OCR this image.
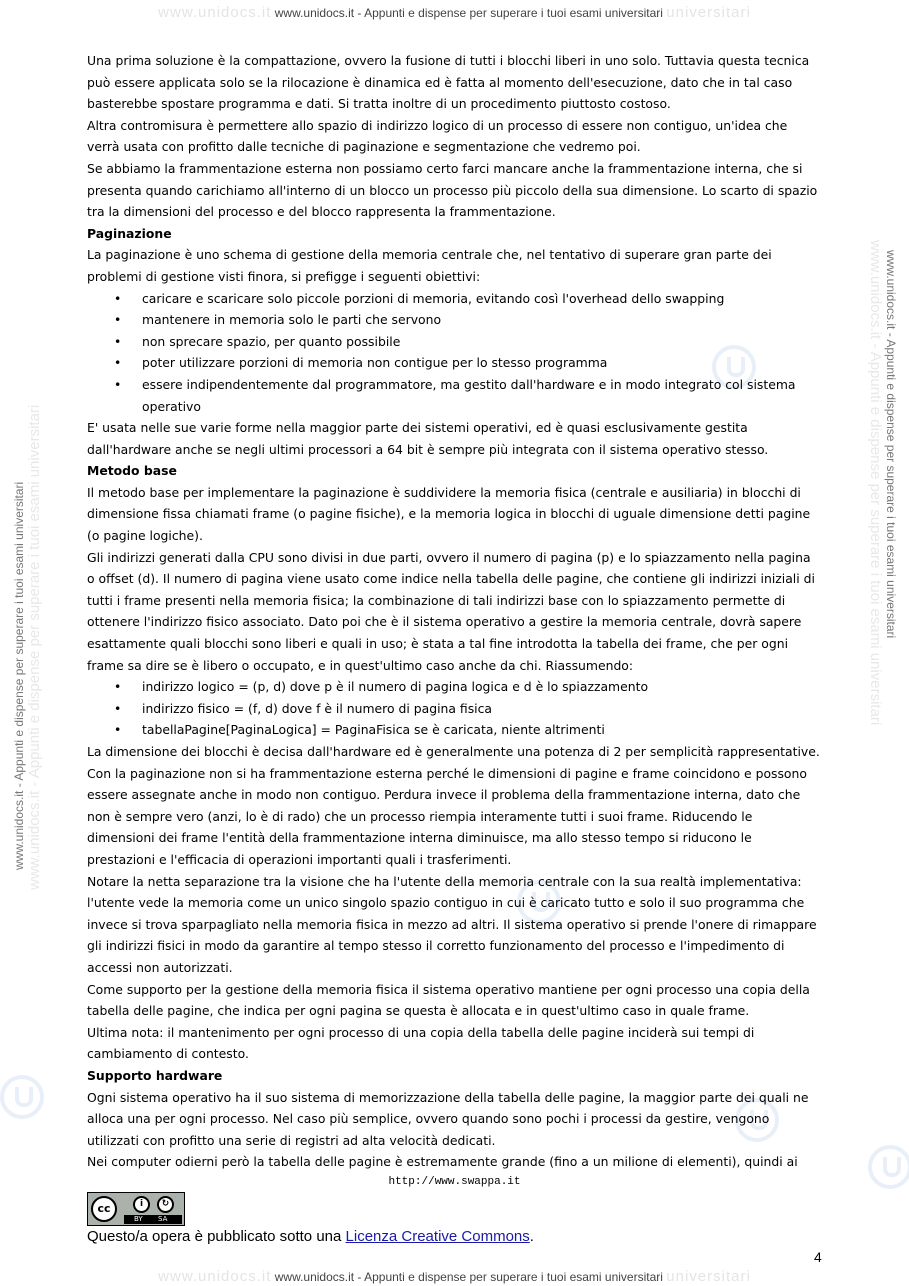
www.unidocs.it www.unidocs.it - Appunti e dispense per superare i tuoi esami universitari universitari
www.unidocs.it - Appunti e dispense per superare i tuoi esami universitari
www.unidocs.it - Appunti e dispense per superare i tuoi esami universitari	www.unidocs.it - Appunti e dispense per superare i tuoi esami universitari www.unidocs.it - Appunti e dispense per superare i tuoi esami universitari

Una prima soluzione è la compattazione, ovvero la fusione di tutti i blocchi liberi in uno solo. Tuttavia questa tecnica può essere applicata solo se la rilocazione è dinamica ed è fatta al momento dell'esecuzione, dato che in tal caso basterebbe spostare programma e dati. Si tratta inoltre di un procedimento piuttosto costoso.

Altra contromisura è permettere allo spazio di indirizzo logico di un processo di essere non contiguo, un'idea che verrà usata con profitto dalle tecniche di paginazione e segmentazione che vedremo poi.

Se abbiamo la frammentazione esterna non possiamo certo farci mancare anche la frammentazione interna, che si presenta quando carichiamo all'interno di un blocco un processo più piccolo della sua dimensione. Lo scarto di spazio tra la dimensioni del processo e del blocco rappresenta la frammentazione.

Paginazione

La paginazione è uno schema di gestione della memoria centrale che, nel tentativo di superare gran parte dei problemi di gestione visti finora, si prefigge i seguenti obiettivi:

• caricare e scaricare solo piccole porzioni di memoria, evitando così l'overhead dello swapping
• mantenere in memoria solo le parti che servono
• non sprecare spazio, per quanto possibile
• poter utilizzare porzioni di memoria non contigue per lo stesso programma
• essere indipendentemente dal programmatore, ma gestito dall'hardware e in modo integrato col sistema operativo

E' usata nelle sue varie forme nella maggior parte dei sistemi operativi, ed è quasi esclusivamente gestita dall'hardware anche se negli ultimi processori a 64 bit è sempre più integrata con il sistema operativo stesso.

Metodo base

Il metodo base per implementare la paginazione è suddividere la memoria fisica (centrale e ausiliaria) in blocchi di dimensione fissa chiamati frame (o pagine fisiche), e la memoria logica in blocchi di uguale dimensione detti pagine (o pagine logiche).

Gli indirizzi generati dalla CPU sono divisi in due parti, ovvero il numero di pagina (p) e lo spiazzamento nella pagina o offset (d). Il numero di pagina viene usato come indice nella tabella delle pagine, che contiene gli indirizzi iniziali di tutti i frame presenti nella memoria fisica; la combinazione di tali indirizzi base con lo spiazzamento permette di ottenere l'indirizzo fisico associato. Dato poi che è il sistema operativo a gestire la memoria centrale, dovrà sapere esattamente quali blocchi sono liberi e quali in uso; è stata a tal fine introdotta la tabella dei frame, che per ogni frame sa dire se è libero o occupato, e in quest'ultimo caso anche da chi. Riassumendo:

• indirizzo logico = (p, d) dove p è il numero di pagina logica e d è lo spiazzamento
• indirizzo fisico = (f, d) dove f è il numero di pagina fisica
• tabellaPagine[PaginaLogica] = PaginaFisica se è caricata, niente altrimenti

La dimensione dei blocchi è decisa dall'hardware ed è generalmente una potenza di 2 per semplicità rappresentative.

Con la paginazione non si ha frammentazione esterna perché le dimensioni di pagine e frame coincidono e possono essere assegnate anche in modo non contiguo. Perdura invece il problema della frammentazione interna, dato che non è sempre vero (anzi, lo è di rado) che un processo riempia interamente tutti i suoi frame. Riducendo le dimensioni dei frame l'entità della frammentazione interna diminuisce, ma allo stesso tempo si riducono le prestazioni e l'efficacia di operazioni importanti quali i trasferimenti.

Notare la netta separazione tra la visione che ha l'utente della memoria centrale con la sua realtà implementativa: l'utente vede la memoria come un unico singolo spazio contiguo in cui è caricato tutto e solo il suo programma che invece si trova sparpagliato nella memoria fisica in mezzo ad altri. Il sistema operativo si prende l'onere di rimappare gli indirizzi fisici in modo da garantire al tempo stesso il corretto funzionamento del processo e l'impedimento di accessi non autorizzati.

Come supporto per la gestione della memoria fisica il sistema operativo mantiene per ogni processo una copia della tabella delle pagine, che indica per ogni pagina se questa è allocata e in quest'ultimo caso in quale frame.

Ultima nota: il mantenimento per ogni processo di una copia della tabella delle pagine inciderà sui tempi di cambiamento di contesto.

Supporto hardware

Ogni sistema operativo ha il suo sistema di memorizzazione della tabella delle pagine, la maggior parte dei quali ne alloca una per ogni processo. Nel caso più semplice, ovvero quando sono pochi i processi da gestire, vengono utilizzati con profitto una serie di registri ad alta velocità dedicati.

Nei computer odierni però la tabella delle pagine è estremamente grande (fino a un milione di elementi), quindi ai

http://www.swappa.it
cc	i	↻
BY SA
Questo/a opera è pubblicato sotto una Licenza Creative Commons.
4
www.unidocs.it www.unidocs.it - Appunti e dispense per superare i tuoi esami universitari universitari
